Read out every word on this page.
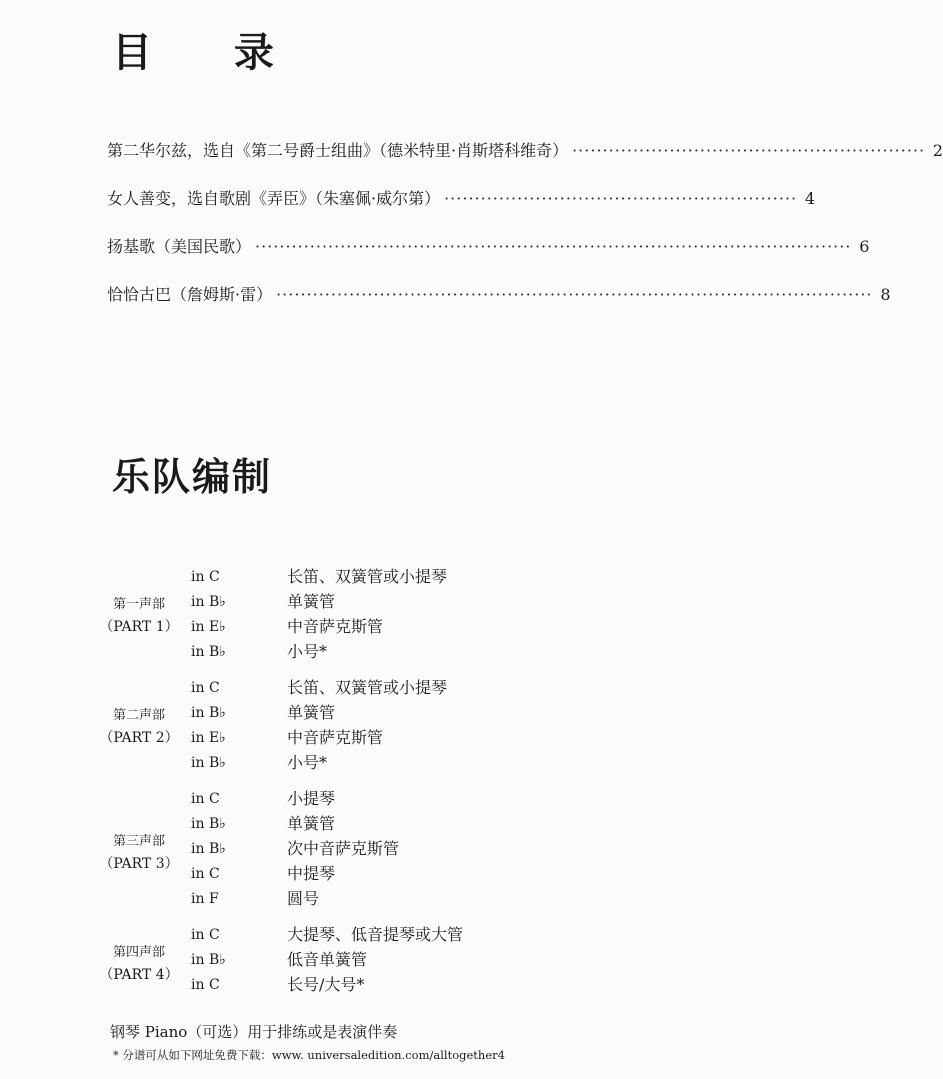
目 录
第二华尔兹，选自《第二号爵士组曲》（德米特里·肖斯塔科维奇） ·························································· 2
女人善变，选自歌剧《弄臣》（朱塞佩·威尔第） ·························································· 4
扬基歌（美国民歌） ·································································································· 6
恰恰古巴（詹姆斯·雷） ·································································································· 8
乐队编制
第一声部
（PART 1）
in C	长笛、双簧管或小提琴
in B♭	单簧管
in E♭	中音萨克斯管
in B♭	小号*
第二声部
（PART 2）
in C	长笛、双簧管或小提琴
in B♭	单簧管
in E♭	中音萨克斯管
in B♭	小号*
第三声部
（PART 3）
in C	小提琴
in B♭	单簧管
in B♭	次中音萨克斯管
in C	中提琴
in F	圆号
第四声部
（PART 4）
in C	大提琴、低音提琴或大管
in B♭	低音单簧管
in C	长号/大号*
钢琴 Piano（可选）用于排练或是表演伴奏
* 分谱可从如下网址免费下载：www. universaledition.com/alltogether4
